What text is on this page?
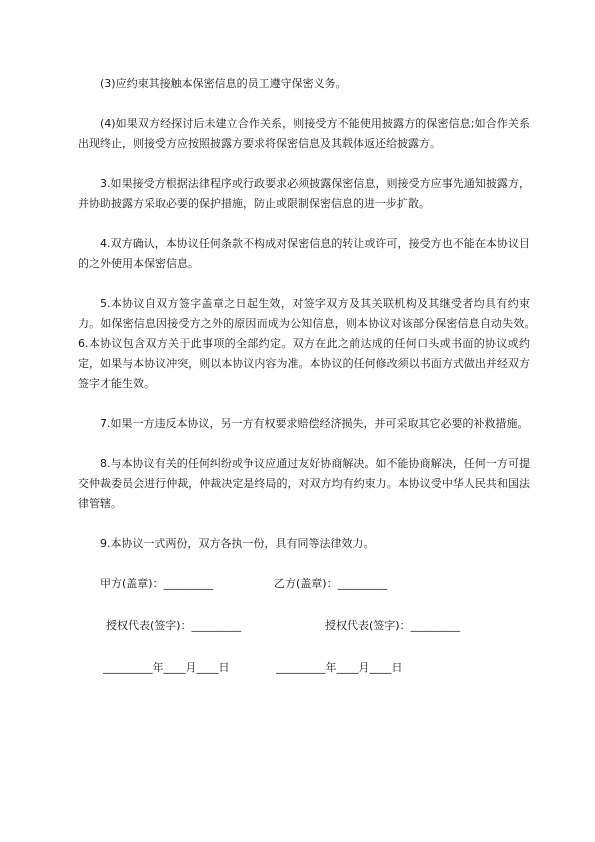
(3)应约束其接触本保密信息的员工遵守保密义务。

(4)如果双方经探讨后未建立合作关系，则接受方不能使用披露方的保密信息;如合作关系出现终止，则接受方应按照披露方要求将保密信息及其载体返还给披露方。

3.如果接受方根据法律程序或行政要求必须披露保密信息，则接受方应事先通知披露方，并协助披露方采取必要的保护措施，防止或限制保密信息的进一步扩散。

4.双方确认，本协议任何条款不构成对保密信息的转让或许可，接受方也不能在本协议目的之外使用本保密信息。

5.本协议自双方签字盖章之日起生效，对签字双方及其关联机构及其继受者均具有约束力。如保密信息因接受方之外的原因而成为公知信息，则本协议对该部分保密信息自动失效。　6.本协议包含双方关于此事项的全部约定。双方在此之前达成的任何口头或书面的协议或约定，如果与本协议冲突，则以本协议内容为准。本协议的任何修改须以书面方式做出并经双方签字才能生效。

7.如果一方违反本协议，另一方有权要求赔偿经济损失，并可采取其它必要的补救措施。

8.与本协议有关的任何纠纷或争议应通过友好协商解决。如不能协商解决，任何一方可提交仲裁委员会进行仲裁，仲裁决定是终局的，对双方均有约束力。本协议受中华人民共和国法律管辖。

9.本协议一式两份，双方各执一份，具有同等法律效力。

甲方(盖章)：_________	乙方(盖章)：_________
授权代表(签字)：_________	授权代表(签字)：_________
_________年____月____日	_________年____月____日
